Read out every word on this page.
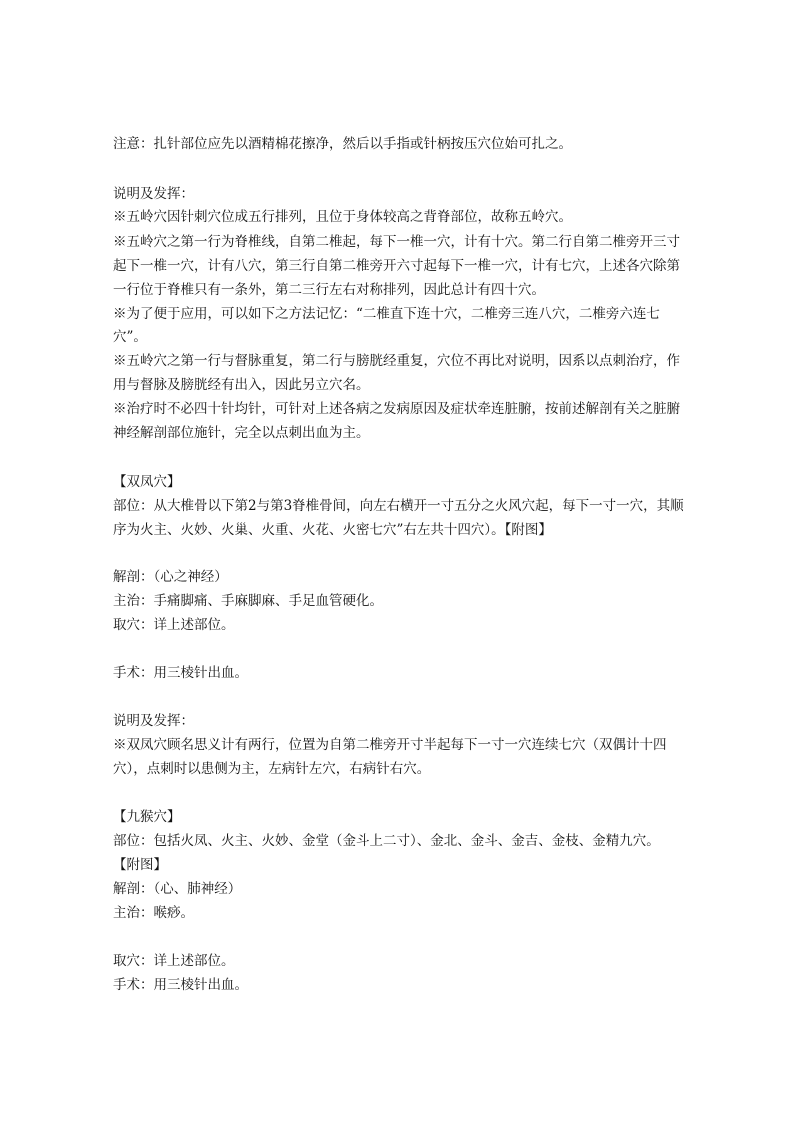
注意：扎针部位应先以酒精棉花擦净，然后以手指或针柄按压穴位始可扎之。
说明及发挥：
※五岭穴因针刺穴位成五行排列，且位于身体较高之背脊部位，故称五岭穴。
※五岭穴之第一行为脊椎线，自第二椎起，每下一椎一穴，计有十穴。第二行自第二椎旁开三寸
起下一椎一穴，计有八穴，第三行自第二椎旁开六寸起每下一椎一穴，计有七穴，上述各穴除第
一行位于脊椎只有一条外，第二三行左右对称排列，因此总计有四十穴。
※为了便于应用，可以如下之方法记忆：“二椎直下连十穴，二椎旁三连八穴，二椎旁六连七
穴”。
※五岭穴之第一行与督脉重复，第二行与膀胱经重复，穴位不再比对说明，因系以点刺治疗，作
用与督脉及膀胱经有出入，因此另立穴名。
※治疗时不必四十针均针，可针对上述各病之发病原因及症状牵连脏腑，按前述解剖有关之脏腑
神经解剖部位施针，完全以点刺出血为主。
【双凤穴】
部位：从大椎骨以下第2与第3脊椎骨间，向左右横开一寸五分之火风穴起，每下一寸一穴，其顺
序为火主、火妙、火巢、火重、火花、火密七穴”右左共十四穴）。【附图】
解剖：（心之神经）
主治：手痛脚痛、手麻脚麻、手足血管硬化。
取穴：详上述部位。
手术：用三棱针出血。
说明及发挥：
※双凤穴顾名思义计有两行，位置为自第二椎旁开寸半起每下一寸一穴连续七穴（双偶计十四
穴），点刺时以患侧为主，左病针左穴，右病针右穴。
【九猴穴】
部位：包括火凤、火主、火妙、金堂（金斗上二寸）、金北、金斗、金吉、金枝、金精九穴。
【附图】
解剖：（心、肺神经）
主治：喉痧。
取穴：详上述部位。
手术：用三棱针出血。
